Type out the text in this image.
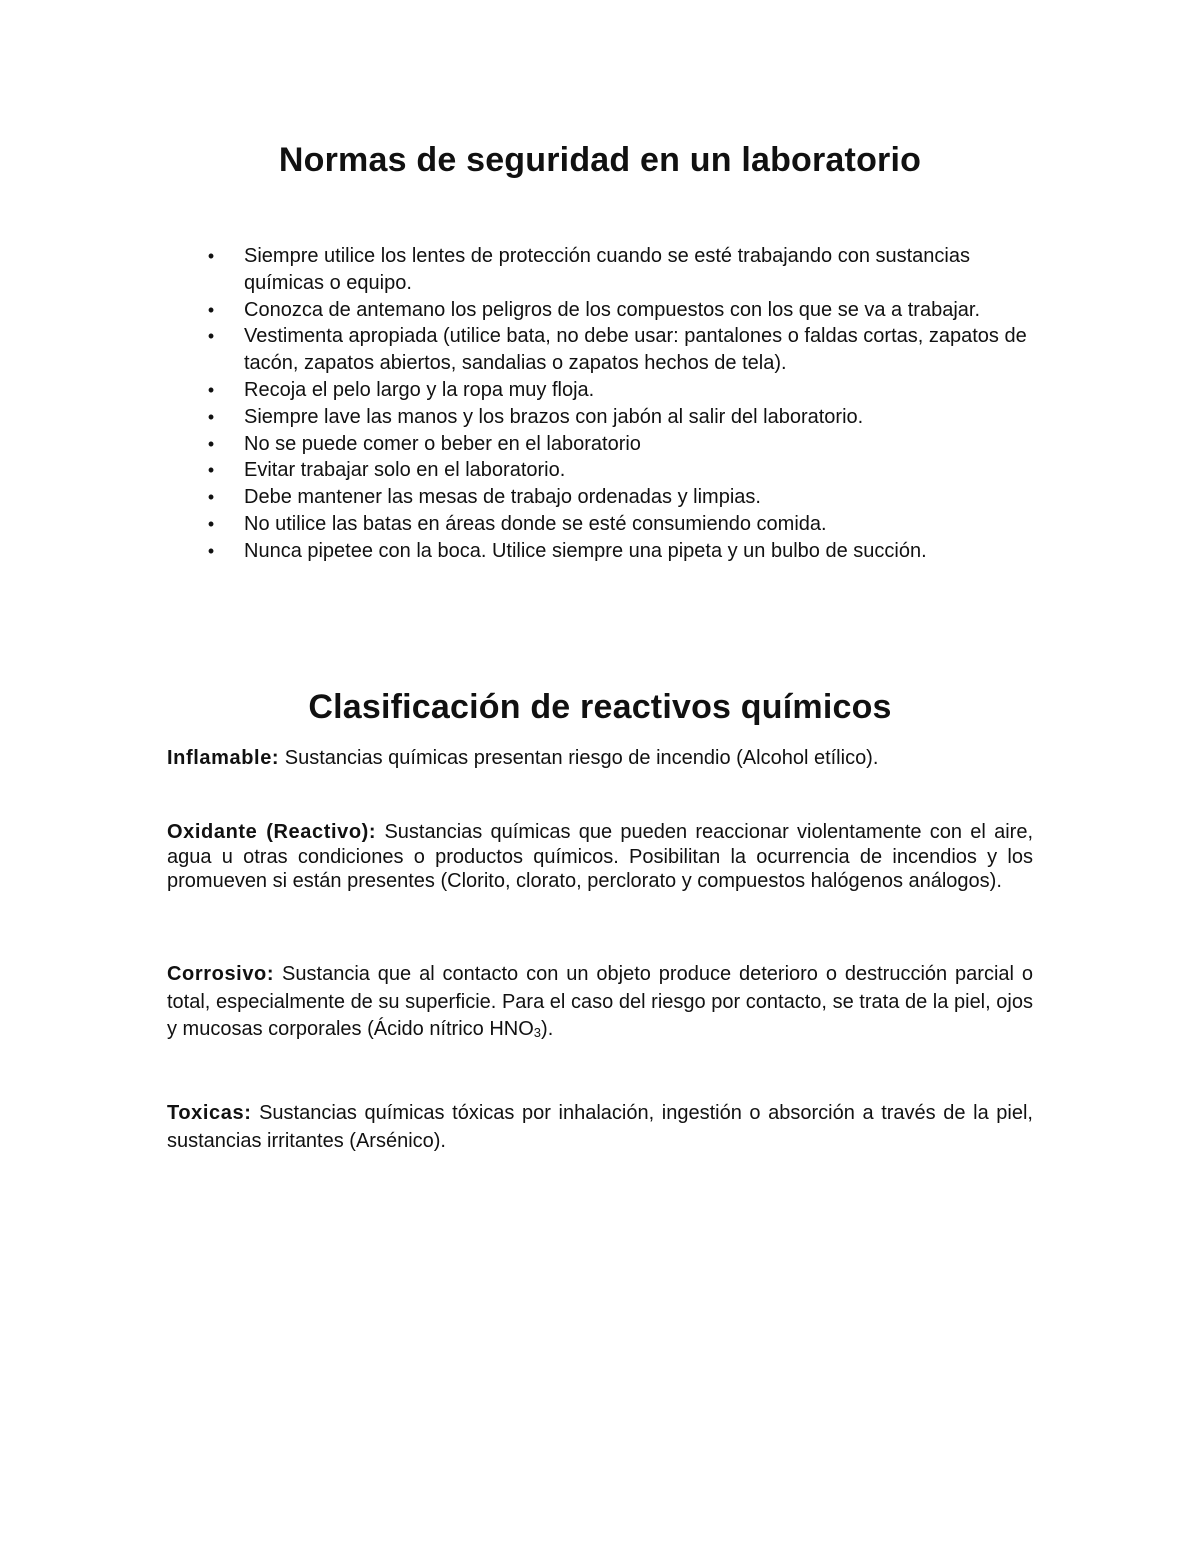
Normas de seguridad en un laboratorio
• Siempre utilice los lentes de protección cuando se esté trabajando con sustancias químicas o equipo.
• Conozca de antemano los peligros de los compuestos con los que se va a trabajar.
• Vestimenta apropiada (utilice bata, no debe usar: pantalones o faldas cortas, zapatos de tacón, zapatos abiertos, sandalias o zapatos hechos de tela).
• Recoja el pelo largo y la ropa muy floja.
• Siempre lave las manos y los brazos con jabón al salir del laboratorio.
• No se puede comer o beber en el laboratorio
• Evitar trabajar solo en el laboratorio.
• Debe mantener las mesas de trabajo ordenadas y limpias.
• No utilice las batas en áreas donde se esté consumiendo comida.
• Nunca pipetee con la boca. Utilice siempre una pipeta y un bulbo de succión.
Clasificación de reactivos químicos

Inflamable: Sustancias químicas presentan riesgo de incendio (Alcohol etílico).

Oxidante (Reactivo): Sustancias químicas que pueden reaccionar violentamente con el aire, agua u otras condiciones o productos químicos. Posibilitan la ocurrencia de incendios y los promueven si están presentes (Clorito, clorato, perclorato y compuestos halógenos análogos).

Corrosivo: Sustancia que al contacto con un objeto produce deterioro o destrucción parcial o total, especialmente de su superficie. Para el caso del riesgo por contacto, se trata de la piel, ojos y mucosas corporales (Ácido nítrico $HNO_3$).

Toxicas: Sustancias químicas tóxicas por inhalación, ingestión o absorción a través de la piel, sustancias irritantes (Arsénico).
